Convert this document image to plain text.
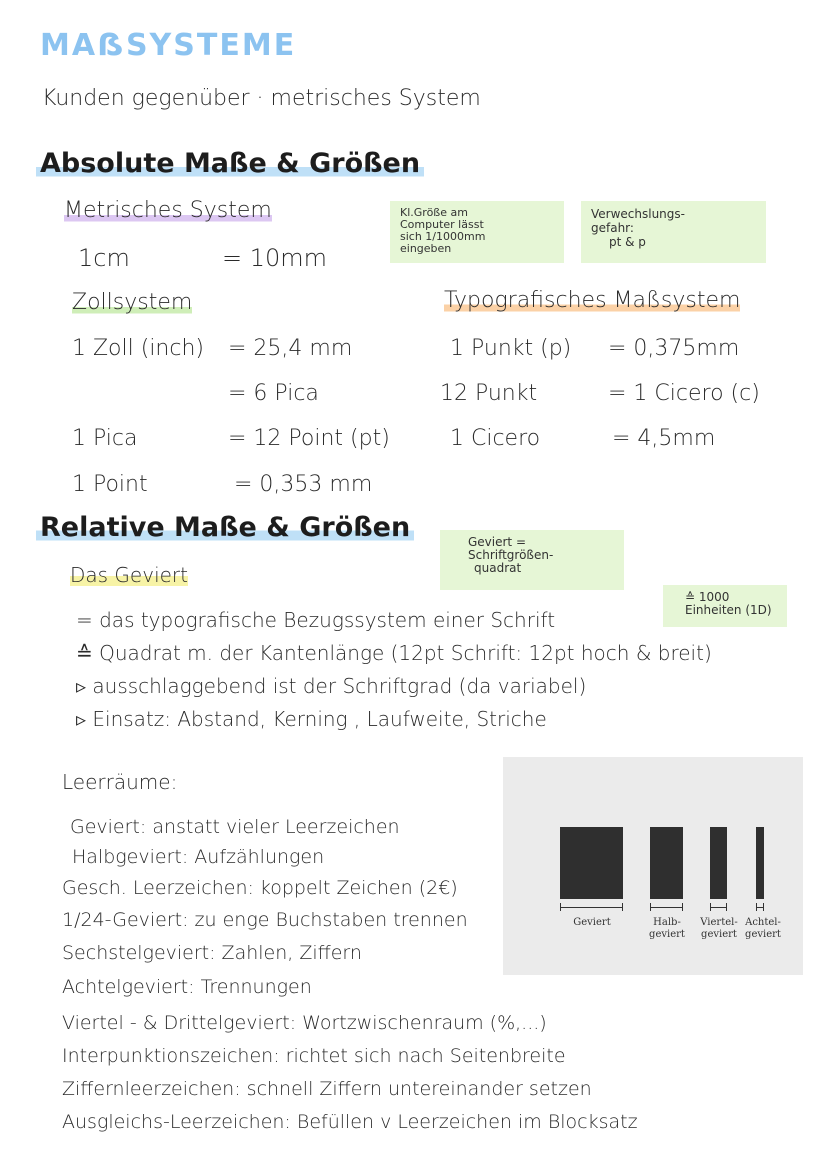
MAẞSYSTEME
Kunden gegenüber · metrisches System
Absolute Maße & Größen
Metrisches System
1cm	= 10mm
Kl.Größe am
Computer lässt
sich 1/1000mm
eingeben
Verwechslungs-
gefahr:
pt & p
Zollsystem
1 Zoll (inch) = 25,4 mm
= 6 Pica
1 Pica	= 12 Point (pt)
1 Point	= 0,353 mm
Typografisches Maßsystem
1 Punkt (p) = 0,375mm
12 Punkt	= 1 Cicero (c)
1 Cicero	= 4,5mm
Relative Maße & Größen	Geviert =
Schriftgrößen-
quadrat
≙ 1000
Einheiten (1D)
Das Geviert
= das typografische Bezugssystem einer Schrift
≙ Quadrat m. der Kantenlänge (12pt Schrift: 12pt hoch & breit)
▹ ausschlaggebend ist der Schriftgrad (da variabel)
▹ Einsatz: Abstand, Kerning , Laufweite, Striche
Leerräume:
Geviert: anstatt vieler Leerzeichen
Halbgeviert: Aufzählungen
Gesch. Leerzeichen: koppelt Zeichen (2€)
1/24-Geviert: zu enge Buchstaben trennen
Sechstelgeviert: Zahlen, Ziffern
Achtelgeviert: Trennungen
Viertel - & Drittelgeviert: Wortzwischenraum (%,...)
Interpunktionszeichen: richtet sich nach Seitenbreite
Ziffernleerzeichen: schnell Ziffern untereinander setzen
Ausgleichs-Leerzeichen: Befüllen v Leerzeichen im Blocksatz
Geviert	Halb-
geviert
Viertel-
geviert
Achtel-
geviert
